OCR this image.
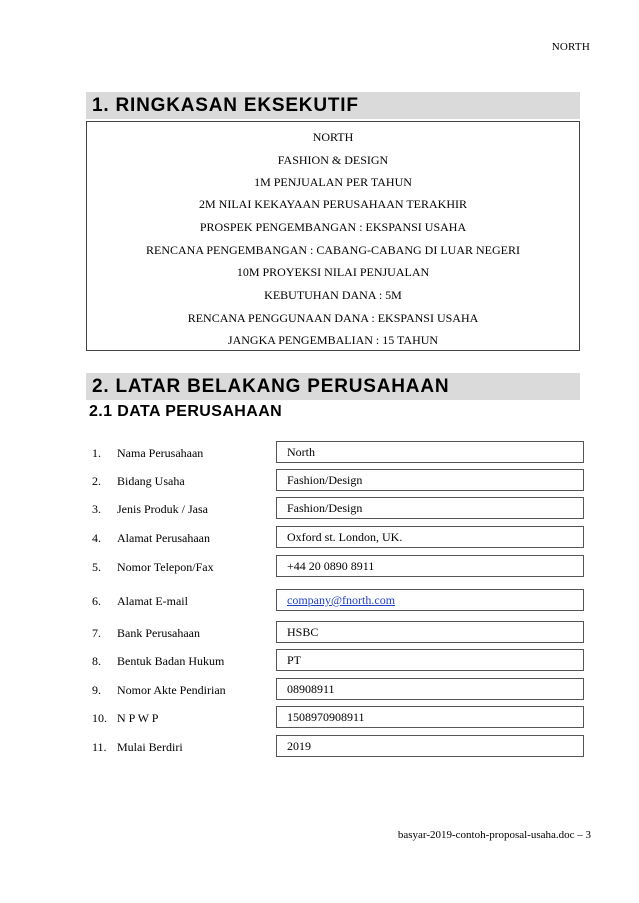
NORTH
1. RINGKASAN EKSEKUTIF
NORTH
FASHION & DESIGN
1M PENJUALAN PER TAHUN
2M NILAI KEKAYAAN PERUSAHAAN TERAKHIR
PROSPEK PENGEMBANGAN : EKSPANSI USAHA
RENCANA PENGEMBANGAN : CABANG-CABANG DI LUAR NEGERI
10M PROYEKSI NILAI PENJUALAN
KEBUTUHAN DANA : 5M
RENCANA PENGGUNAAN DANA : EKSPANSI USAHA
JANGKA PENGEMBALIAN : 15 TAHUN
2. LATAR BELAKANG PERUSAHAAN
2.1 DATA PERUSAHAAN
1. Nama Perusahaan	North
2. Bidang Usaha	Fashion/Design
3. Jenis Produk / Jasa	Fashion/Design
4. Alamat Perusahaan	Oxford st. London, UK.
5. Nomor Telepon/Fax	+44 20 0890 8911
6. Alamat E-mail	company@fnorth.com
7. Bank Perusahaan	HSBC
8. Bentuk Badan Hukum	PT
9. Nomor Akte Pendirian	08908911
10. N P W P	1508970908911
11. Mulai Berdiri	2019
basyar-2019-contoh-proposal-usaha.doc – 3
